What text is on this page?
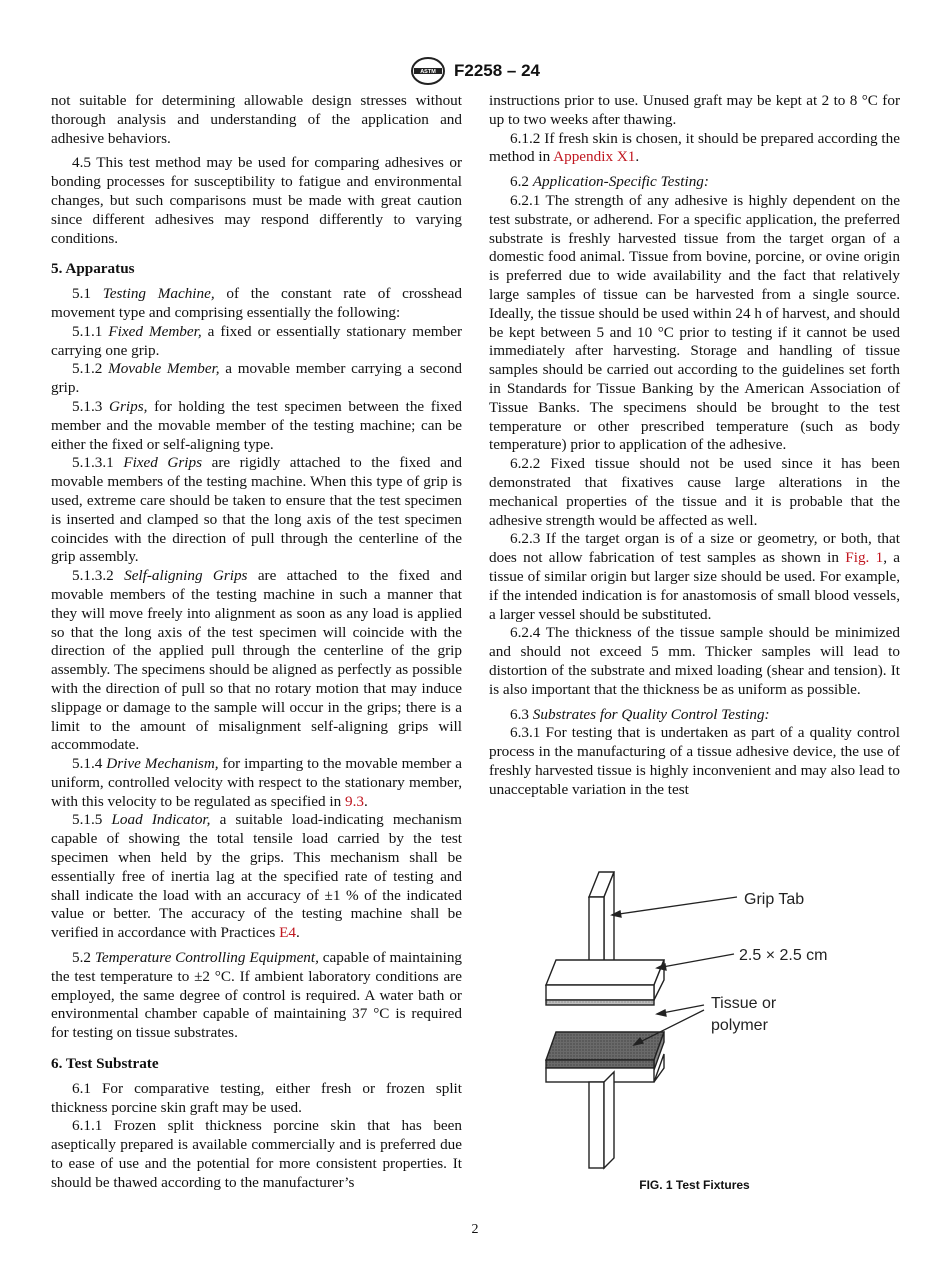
ASTM F2258 – 24

not suitable for determining allowable design stresses without thorough analysis and understanding of the application and adhesive behaviors.

4.5 This test method may be used for comparing adhesives or bonding processes for susceptibility to fatigue and environmental changes, but such comparisons must be made with great caution since different adhesives may respond differently to varying conditions.

5. Apparatus

5.1 Testing Machine, of the constant rate of crosshead movement type and comprising essentially the following:

5.1.1 Fixed Member, a fixed or essentially stationary member carrying one grip.

5.1.2 Movable Member, a movable member carrying a second grip.

5.1.3 Grips, for holding the test specimen between the fixed member and the movable member of the testing machine; can be either the fixed or self-aligning type.

5.1.3.1 Fixed Grips are rigidly attached to the fixed and movable members of the testing machine. When this type of grip is used, extreme care should be taken to ensure that the test specimen is inserted and clamped so that the long axis of the test specimen coincides with the direction of pull through the centerline of the grip assembly.

5.1.3.2 Self-aligning Grips are attached to the fixed and movable members of the testing machine in such a manner that they will move freely into alignment as soon as any load is applied so that the long axis of the test specimen will coincide with the direction of the applied pull through the centerline of the grip assembly. The specimens should be aligned as perfectly as possible with the direction of pull so that no rotary motion that may induce slippage or damage to the sample will occur in the grips; there is a limit to the amount of misalignment self-aligning grips will accommodate.

5.1.4 Drive Mechanism, for imparting to the movable member a uniform, controlled velocity with respect to the stationary member, with this velocity to be regulated as specified in 9.3.

5.1.5 Load Indicator, a suitable load-indicating mechanism capable of showing the total tensile load carried by the test specimen when held by the grips. This mechanism shall be essentially free of inertia lag at the specified rate of testing and shall indicate the load with an accuracy of ±1 % of the indicated value or better. The accuracy of the testing machine shall be verified in accordance with Practices E4.

5.2 Temperature Controlling Equipment, capable of maintaining the test temperature to ±2 °C. If ambient laboratory conditions are employed, the same degree of control is required. A water bath or environmental chamber capable of maintaining 37 °C is required for testing on tissue substrates.

6. Test Substrate

6.1 For comparative testing, either fresh or frozen split thickness porcine skin graft may be used.

6.1.1 Frozen split thickness porcine skin that has been aseptically prepared is available commercially and is preferred due to ease of use and the potential for more consistent properties. It should be thawed according to the manufacturer’s

instructions prior to use. Unused graft may be kept at 2 to 8 °C for up to two weeks after thawing.

6.1.2 If fresh skin is chosen, it should be prepared according the method in Appendix X1.

6.2 Application-Specific Testing:

6.2.1 The strength of any adhesive is highly dependent on the test substrate, or adherend. For a specific application, the preferred substrate is freshly harvested tissue from the target organ of a domestic food animal. Tissue from bovine, porcine, or ovine origin is preferred due to wide availability and the fact that relatively large samples of tissue can be harvested from a single source. Ideally, the tissue should be used within 24 h of harvest, and should be kept between 5 and 10 °C prior to testing if it cannot be used immediately after harvesting. Storage and handling of tissue samples should be carried out according to the guidelines set forth in Standards for Tissue Banking by the American Association of Tissue Banks. The specimens should be brought to the test temperature or other prescribed temperature (such as body temperature) prior to application of the adhesive.

6.2.2 Fixed tissue should not be used since it has been demonstrated that fixatives cause large alterations in the mechanical properties of the tissue and it is probable that the adhesive strength would be affected as well.

6.2.3 If the target organ is of a size or geometry, or both, that does not allow fabrication of test samples as shown in Fig. 1, a tissue of similar origin but larger size should be used. For example, if the intended indication is for anastomosis of small blood vessels, a larger vessel should be substituted.

6.2.4 The thickness of the tissue sample should be minimized and should not exceed 5 mm. Thicker samples will lead to distortion of the substrate and mixed loading (shear and tension). It is also important that the thickness be as uniform as possible.

6.3 Substrates for Quality Control Testing:

6.3.1 For testing that is undertaken as part of a quality control process in the manufacturing of a tissue adhesive device, the use of freshly harvested tissue is highly inconvenient and may also lead to unacceptable variation in the test

Grip Tab
2.5 × 2.5 cm
Tissue or
polymer
FIG. 1 Test Fixtures
2
